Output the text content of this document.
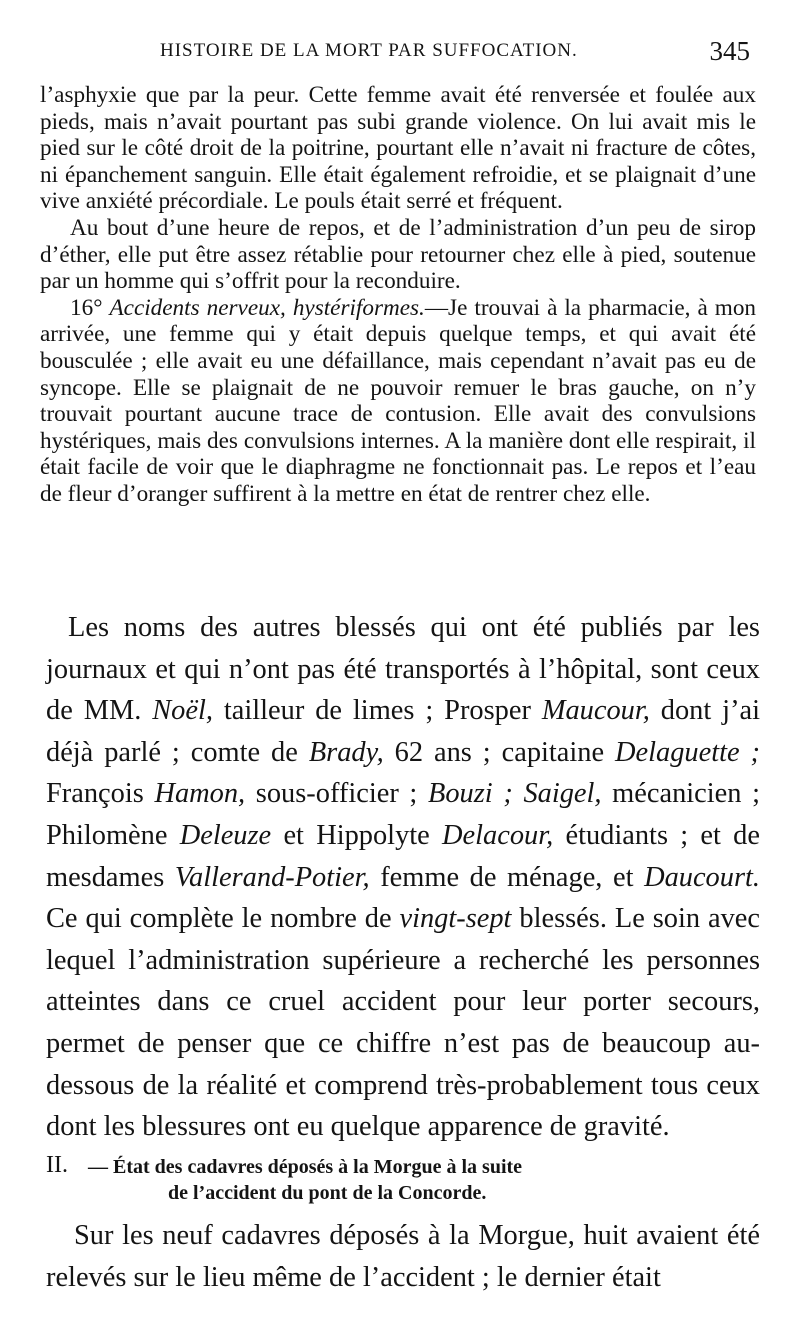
HISTOIRE DE LA MORT PAR SUFFOCATION.	345

l’asphyxie que par la peur. Cette femme avait été renversée et foulée aux pieds, mais n’avait pourtant pas subi grande violence. On lui avait mis le pied sur le côté droit de la poitrine, pourtant elle n’avait ni fracture de côtes, ni épanchement sanguin. Elle était également refroidie, et se plaignait d’une vive anxiété précordiale. Le pouls était serré et fréquent.

Au bout d’une heure de repos, et de l’administration d’un peu de sirop d’éther, elle put être assez rétablie pour retourner chez elle à pied, soutenue par un homme qui s’offrit pour la reconduire.

16° Accidents nerveux, hystériformes.—Je trouvai à la pharmacie, à mon arrivée, une femme qui y était depuis quelque temps, et qui avait été bousculée ; elle avait eu une défaillance, mais cependant n’avait pas eu de syncope. Elle se plaignait de ne pouvoir remuer le bras gauche, on n’y trouvait pourtant aucune trace de contusion. Elle avait des convulsions hystériques, mais des convulsions internes. A la manière dont elle respirait, il était facile de voir que le diaphragme ne fonctionnait pas. Le repos et l’eau de fleur d’oranger suffirent à la mettre en état de rentrer chez elle.

Les noms des autres blessés qui ont été publiés par les journaux et qui n’ont pas été transportés à l’hôpital, sont ceux de MM. Noël, tailleur de limes ; Prosper Maucour, dont j’ai déjà parlé ; comte de Brady, 62 ans ; capitaine Delaguette ; François Hamon, sous-officier ; Bouzi ; Saigel, mécanicien ; Philomène Deleuze et Hippolyte Delacour, étudiants ; et de mesdames Vallerand-Potier, femme de ménage, et Daucourt. Ce qui complète le nombre de vingt-sept blessés. Le soin avec lequel l’administration supérieure a recherché les personnes atteintes dans ce cruel accident pour leur porter secours, permet de penser que ce chiffre n’est pas de beaucoup au-dessous de la réalité et comprend très-probablement tous ceux dont les blessures ont eu quelque apparence de gravité.

II. — État des cadavres déposés à la Morgue à la suite
de l’accident du pont de la Concorde.

Sur les neuf cadavres déposés à la Morgue, huit avaient été relevés sur le lieu même de l’accident ; le dernier était
